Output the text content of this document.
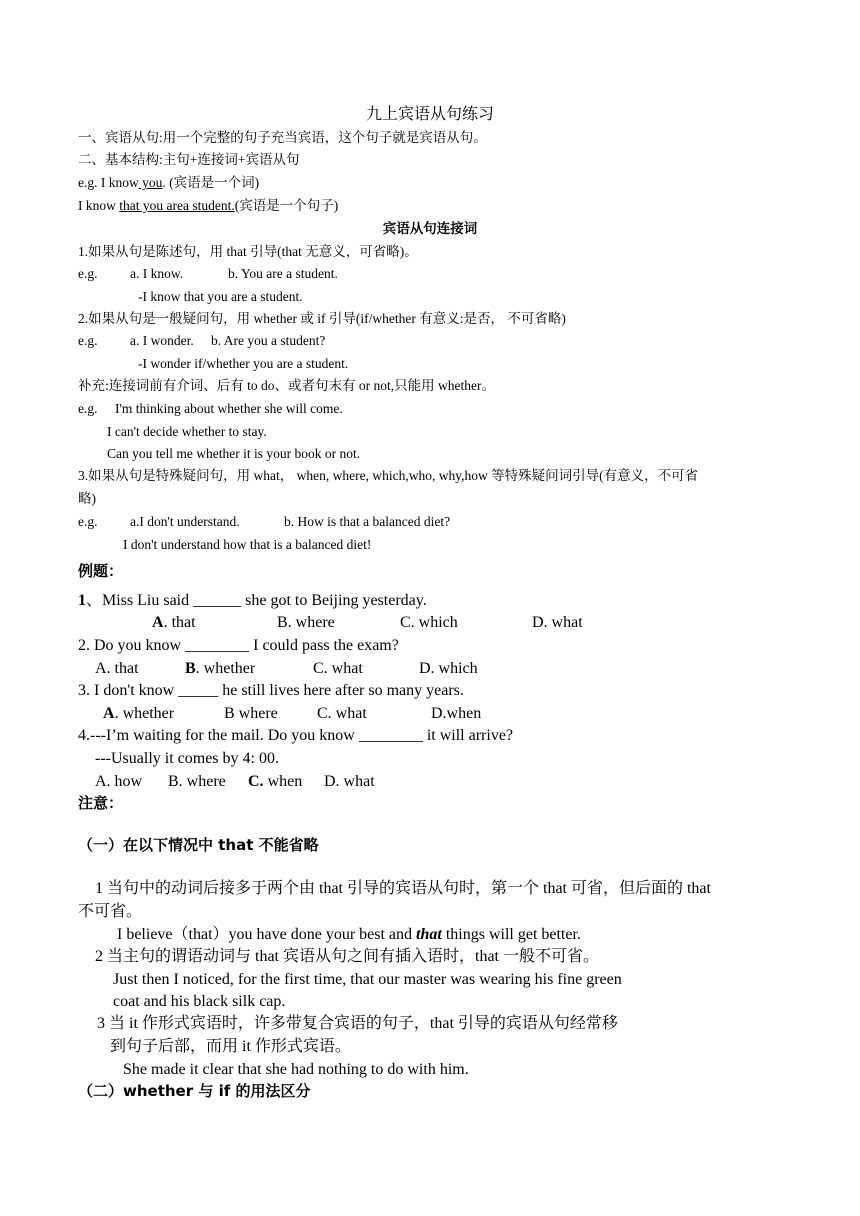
九上宾语从句练习
一、宾语从句:用一个完整的句子充当宾语，这个句子就是宾语从句。
二、基本结构:主句+连接词+宾语从句
e.g. I know you. (宾语是一个词)
I know that you area student.(宾语是一个句子)
宾语从句连接词
1.如果从句是陈述句，用 that 引导(that 无意义，可省略)。
e.g. a. I know.	b. You are a student.
-I know that you are a student.
2.如果从句是一般疑问句，用 whether 或 if 引导(if/whether 有意义:是否， 不可省略)
e.g. a. I wonder. b. Are you a student?
-I wonder if/whether you are a student.
补充:连接词前有介词、后有 to do、或者句末有 or not,只能用 whether。
e.g. I'm thinking about whether she will come.
I can't decide whether to stay.
Can you tell me whether it is your book or not.
3.如果从句是特殊疑问句，用 what， when, where, which,who, why,how 等特殊疑问词引导(有意义，不可省
略)
e.g. a.I don't understand.	b. How is that a balanced diet?
I don't understand how that is a balanced diet!
例题：
1、Miss Liu said ______ she got to Beijing yesterday.
A. that	B. where	C. which	D. what
2. Do you know ________ I could pass the exam?
A. that	B. whether	C. what	D. which
3. I don't know _____ he still lives here after so many years.
A. whether	B where C. what	D.when
4.---I’m waiting for the mail. Do you know ________ it will arrive?
---Usually it comes by 4: 00.
A. how B. where C. when D. what
注意：
（一）在以下情况中 that 不能省略
1 当句中的动词后接多于两个由 that 引导的宾语从句时，第一个 that 可省，但后面的 that
不可省。
I believe（that）you have done your best and that things will get better.
2 当主句的谓语动词与 that 宾语从句之间有插入语时，that 一般不可省。
Just then I noticed, for the first time, that our master was wearing his fine green
coat and his black silk cap.
3 当 it 作形式宾语时，许多带复合宾语的句子，that 引导的宾语从句经常移
到句子后部，而用 it 作形式宾语。
She made it clear that she had nothing to do with him.
（二）whether 与 if 的用法区分
